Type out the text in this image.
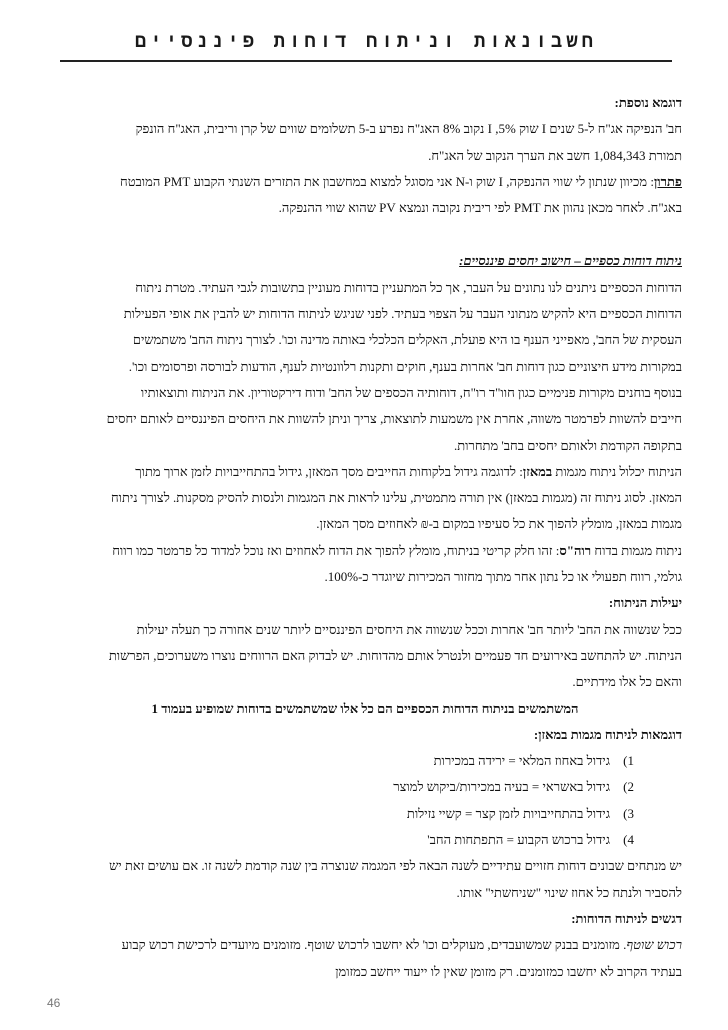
חשבונאות וניתוח דוחות פיננסיים

דוגמא נוספת:

חב' הנפיקה אג"ח ל-5 שנים I שוק 5%, I נקוב 8% האג"ח נפרע ב-5 תשלומים שווים של קרן וריבית, האג"ח הונפק

תמורת 1,084,343 חשב את הערך הנקוב של האג"ח.

פתרון: מכיוון שנתון לי שווי ההנפקה, I שוק ו-N אני מסוגל למצוא במחשבון את התזרים השנתי הקבוע PMT המובטח

באג"ח. לאחר מכאן נהוון את PMT לפי ריבית נקובה ונמצא PV שהוא שווי ההנפקה.

ניתוח דוחות כספיים – חישוב יחסים פיננסיים:

הדוחות הכספיים ניתנים לנו נתונים על העבר, אך כל המתעניין בדוחות מעוניין בתשובות לגבי העתיד. מטרת ניתוח

הדוחות הכספיים היא להקיש מנתוני העבר על הצפוי בעתיד. לפני שניגש לניתוח הדוחות יש להבין את אופי הפעילות

העסקית של החב', מאפייני הענף בו היא פועלת, האקלים הכלכלי באותה מדינה וכו'. לצורך ניתוח החב' משתמשים

במקורות מידע חיצוניים כגון דוחות חב' אחרות בענף, חוקים ותקנות רלוונטיות לענף, הודעות לבורסה ופרסומים וכו'.

בנוסף בוחנים מקורות פנימיים כגון חוו"ד רו"ח, דוחותיה הכספים של החב' ודוח דירקטוריון. את הניתוח ותוצאותיו

חייבים להשוות לפרמטר משווה, אחרת אין משמעות לתוצאות, צריך וניתן להשוות את היחסים הפיננסיים לאותם יחסים

בתקופה הקודמת ולאותם יחסים בחב' מתחרות.

הניתוח יכלול ניתוח מגמות במאזן: לדוגמה גידול בלקוחות החייבים מסך המאזן, גידול בהתחייבויות לזמן ארוך מתוך

המאזן. לסוג ניתוח זה (מגמות במאזן) אין תורה מתמטית, עלינו לראות את המגמות ולנסות להסיק מסקנות. לצורך ניתוח

מגמות במאזן, מומלץ להפוך את כל סעיפיו במקום ב-₪ לאחוזים מסך המאזן.

ניתוח מגמות בדוח רוה"ס: זהו חלק קריטי בניתוח, מומלץ להפוך את הדוח לאחוזים ואז נוכל למדוד כל פרמטר כמו רווח

גולמי, רווח תפעולי או כל נתון אחר מתוך מחזור המכירות שיוגדר כ-100%.

יעילות הניתוח:

ככל שנשווה את החב' ליותר חב' אחרות וככל שנשווה את היחסים הפיננסיים ליותר שנים אחורה כך תעלה יעילות

הניתוח. יש להתחשב באירועים חד פעמיים ולנטרל אותם מהדוחות. יש לבדוק האם הרווחים נוצרו משערוכים, הפרשות

והאם כל אלו מידתיים.

המשתמשים בניתוח הדוחות הכספיים הם כל אלו שמשתמשים בדוחות שמופיע בעמוד 1

דוגמאות לניתוח מגמות במאזן:

1)גידול באחוז המלאי = ירידה במכירות
2)גידול באשראי = בעיה במכירות/ביקוש למוצר
3)גידול בהתחייבויות לזמן קצר = קשיי נזילות
4)גידול ברכוש הקבוע = התפתחות החב'

יש מנתחים שבונים דוחות חזויים עתידיים לשנה הבאה לפי המגמה שנוצרה בין שנה קודמת לשנה זו. אם עושים זאת יש

להסביר ולנתח כל אחוז שינוי "שניחשתי" אותו.

דגשים לניתוח הדוחות:

רכוש שוטף. מזומנים בבנק שמשועבדים, מעוקלים וכו' לא יחשבו לרכוש שוטף. מזומנים מיועדים לרכישת רכוש קבוע

בעתיד הקרוב לא יחשבו כמזומנים. רק מזומן שאין לו ייעוד ייחשב כמזומן

46
